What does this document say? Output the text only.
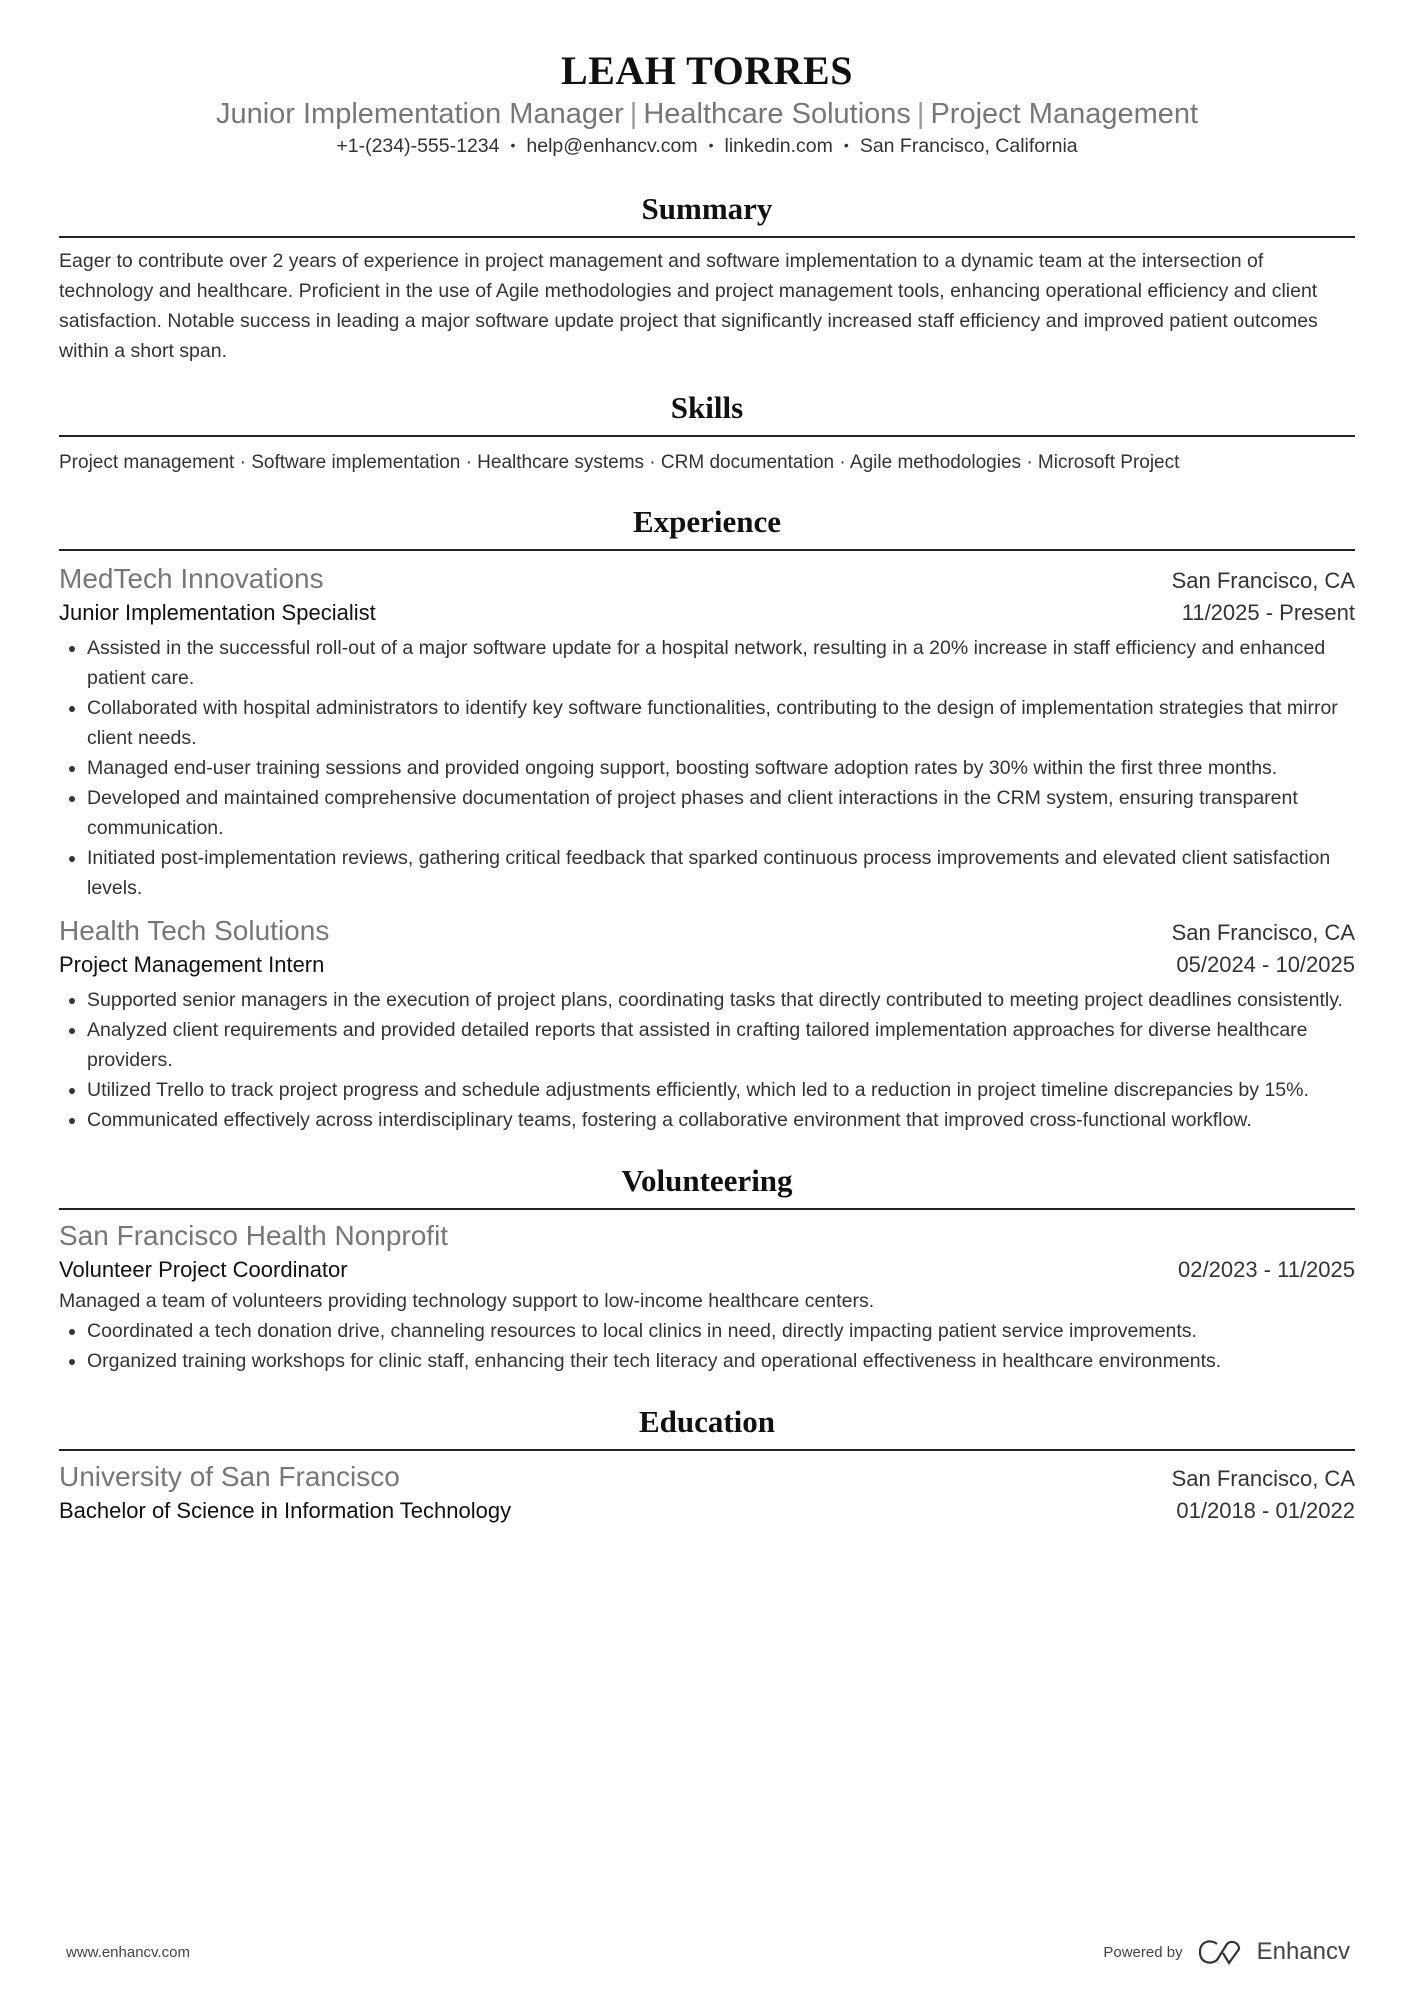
LEAH TORRES
Junior Implementation Manager | Healthcare Solutions | Project Management
+1-(234)-555-1234 • help@enhancv.com • linkedin.com • San Francisco, California
Summary
Eager to contribute over 2 years of experience in project management and software implementation to a dynamic team at the intersection of technology and healthcare. Proficient in the use of Agile methodologies and project management tools, enhancing operational efficiency and client satisfaction. Notable success in leading a major software update project that significantly increased staff efficiency and improved patient outcomes within a short span.
Skills
Project management · Software implementation · Healthcare systems · CRM documentation · Agile methodologies · Microsoft Project
Experience
MedTech Innovations	San Francisco, CA
Junior Implementation Specialist	11/2025 - Present
• Assisted in the successful roll-out of a major software update for a hospital network, resulting in a 20% increase in staff efficiency and enhanced patient care.
• Collaborated with hospital administrators to identify key software functionalities, contributing to the design of implementation strategies that mirror client needs.
• Managed end-user training sessions and provided ongoing support, boosting software adoption rates by 30% within the first three months.
• Developed and maintained comprehensive documentation of project phases and client interactions in the CRM system, ensuring transparent communication.
• Initiated post-implementation reviews, gathering critical feedback that sparked continuous process improvements and elevated client satisfaction levels.
Health Tech Solutions	San Francisco, CA
Project Management Intern	05/2024 - 10/2025
• Supported senior managers in the execution of project plans, coordinating tasks that directly contributed to meeting project deadlines consistently.
• Analyzed client requirements and provided detailed reports that assisted in crafting tailored implementation approaches for diverse healthcare providers.
• Utilized Trello to track project progress and schedule adjustments efficiently, which led to a reduction in project timeline discrepancies by 15%.
• Communicated effectively across interdisciplinary teams, fostering a collaborative environment that improved cross-functional workflow.
Volunteering
San Francisco Health Nonprofit
Volunteer Project Coordinator	02/2023 - 11/2025
Managed a team of volunteers providing technology support to low-income healthcare centers.
• Coordinated a tech donation drive, channeling resources to local clinics in need, directly impacting patient service improvements.
• Organized training workshops for clinic staff, enhancing their tech literacy and operational effectiveness in healthcare environments.
Education
University of San Francisco	San Francisco, CA
Bachelor of Science in Information Technology	01/2018 - 01/2022
www.enhancv.com	Powered by	Enhancv
